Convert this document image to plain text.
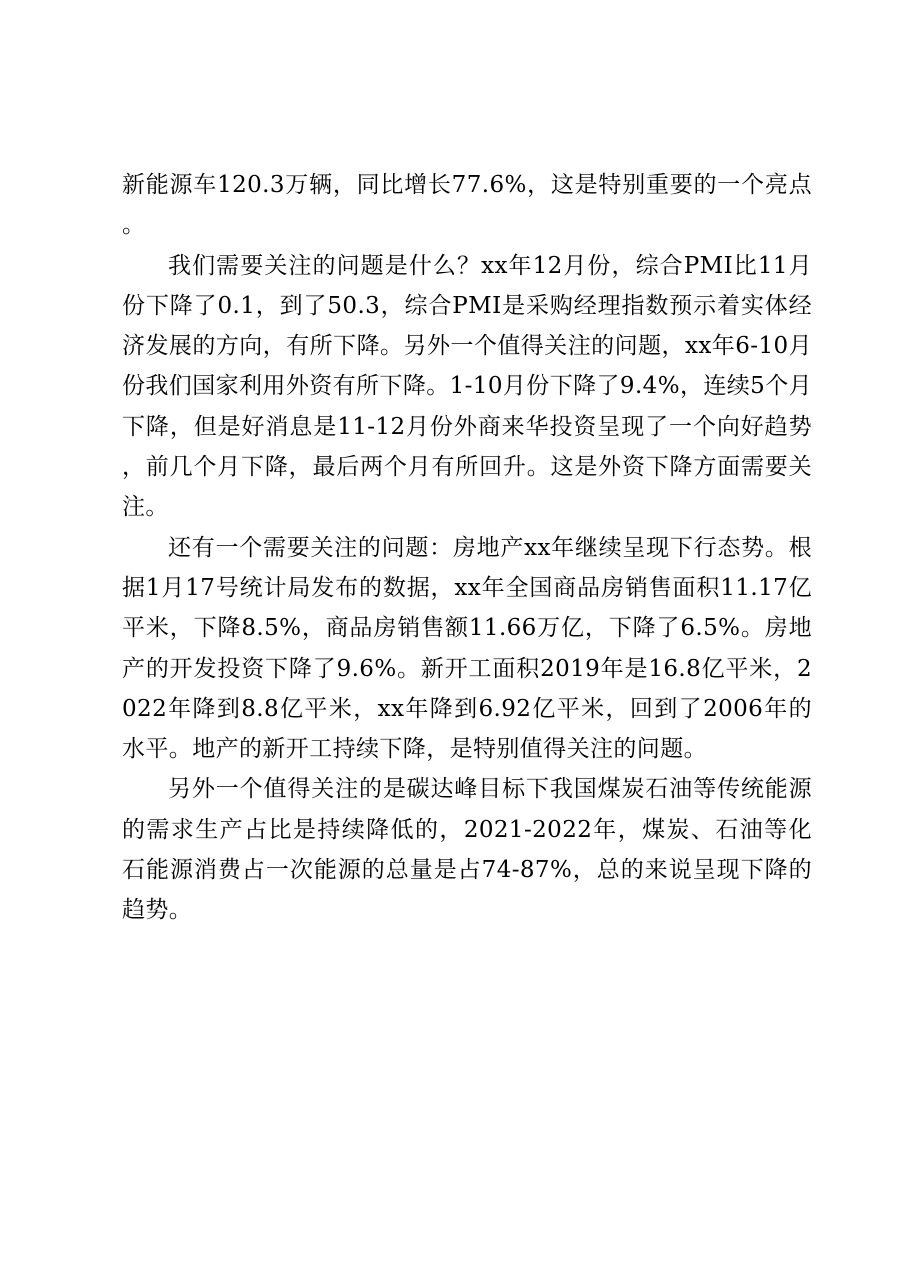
新能源车120.3万辆，同比增长77.6%，这是特别重要的一个亮点。

我们需要关注的问题是什么？xx年12月份，综合PMI比11月份下降了0.1，到了50.3，综合PMI是采购经理指数预示着实体经济发展的方向，有所下降。另外一个值得关注的问题，xx年6-10月份我们国家利用外资有所下降。1-10月份下降了9.4%，连续5个月下降，但是好消息是11-12月份外商来华投资呈现了一个向好趋势，前几个月下降，最后两个月有所回升。这是外资下降方面需要关注。

还有一个需要关注的问题：房地产xx年继续呈现下行态势。根据1月17号统计局发布的数据，xx年全国商品房销售面积11.17亿平米，下降8.5%，商品房销售额11.66万亿，下降了6.5%。房地产的开发投资下降了9.6%。新开工面积2019年是16.8亿平米，2022年降到8.8亿平米，xx年降到6.92亿平米，回到了2006年的水平。地产的新开工持续下降，是特别值得关注的问题。

另外一个值得关注的是碳达峰目标下我国煤炭石油等传统能源的需求生产占比是持续降低的，2021-2022年，煤炭、石油等化石能源消费占一次能源的总量是占74-87%，总的来说呈现下降的趋势。
